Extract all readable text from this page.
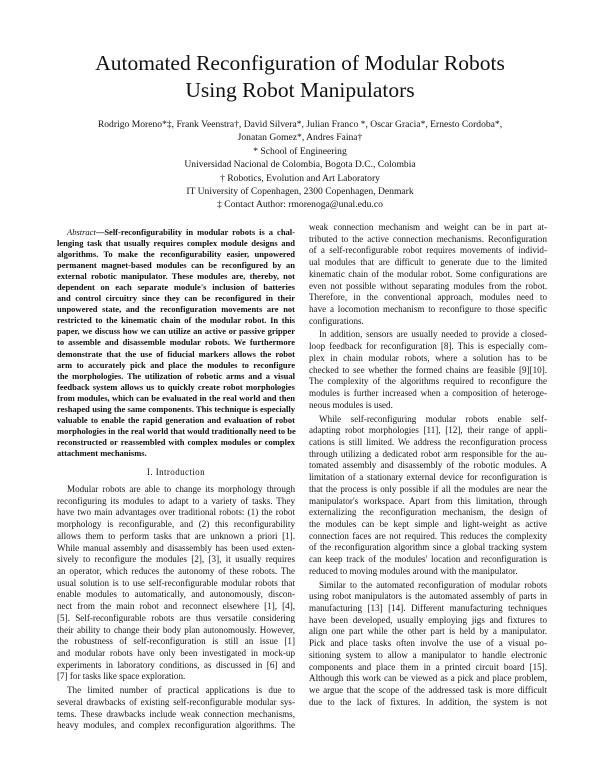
Automated Reconfiguration of Modular Robots
Using Robot Manipulators
Rodrigo Moreno*‡, Frank Veenstra†, David Silvera*, Julian Franco *, Oscar Gracia*, Ernesto Cordoba*,
Jonatan Gomez*, Andres Faina†
* School of Engineering
Universidad Nacional de Colombia, Bogota D.C., Colombia
† Robotics, Evolution and Art Laboratory
IT University of Copenhagen, 2300 Copenhagen, Denmark
‡ Contact Author: rmorenoga@unal.edu.co
Abstract—Self-reconfigurability in modular robots is a chal-
lenging task that usually requires complex module designs and
algorithms. To make the reconfigurability easier, unpowered
permanent magnet-based modules can be reconfigured by an
external robotic manipulator. These modules are, thereby, not
dependent on each separate module's inclusion of batteries
and control circuitry since they can be reconfigured in their
unpowered state, and the reconfiguration movements are not
restricted to the kinematic chain of the modular robot. In this
paper, we discuss how we can utilize an active or passive gripper
to assemble and disassemble modular robots. We furthermore
demonstrate that the use of fiducial markers allows the robot
arm to accurately pick and place the modules to reconfigure
the morphologies. The utilization of robotic arms and a visual
feedback system allows us to quickly create robot morphologies
from modules, which can be evaluated in the real world and then
reshaped using the same components. This technique is especially
valuable to enable the rapid generation and evaluation of robot
morphologies in the real world that would traditionally need to be
reconstructed or reassembled with complex modules or complex
attachment mechanisms.
I. Introduction
Modular robots are able to change its morphology through
reconfiguring its modules to adapt to a variety of tasks. They
have two main advantages over traditional robots: (1) the robot
morphology is reconfigurable, and (2) this reconfigurability
allows them to perform tasks that are unknown a priori [1].
While manual assembly and disassembly has been used exten-
sively to reconfigure the modules [2], [3], it usually requires
an operator, which reduces the autonomy of these robots. The
usual solution is to use self-reconfigurable modular robots that
enable modules to automatically, and autonomously, discon-
nect from the main robot and reconnect elsewhere [1], [4],
[5]. Self-reconfigurable robots are thus versatile considering
their ability to change their body plan autonomously. However,
the robustness of self-reconfiguration is still an issue [1]
and modular robots have only been investigated in mock-up
experiments in laboratory conditions, as discussed in [6] and
[7] for tasks like space exploration.
The limited number of practical applications is due to
several drawbacks of existing self-reconfigurable modular sys-
tems. These drawbacks include weak connection mechanisms,
heavy modules, and complex reconfiguration algorithms. The
weak connection mechanism and weight can be in part at-
tributed to the active connection mechanisms. Reconfiguration
of a self-reconfigurable robot requires movements of individ-
ual modules that are difficult to generate due to the limited
kinematic chain of the modular robot. Some configurations are
even not possible without separating modules from the robot.
Therefore, in the conventional approach, modules need to
have a locomotion mechanism to reconfigure to those specific
configurations.
In addition, sensors are usually needed to provide a closed-
loop feedback for reconfiguration [8]. This is especially com-
plex in chain modular robots, where a solution has to be
checked to see whether the formed chains are feasible [9][10].
The complexity of the algorithms required to reconfigure the
modules is further increased when a composition of heteroge-
neous modules is used.
While self-reconfiguring modular robots enable self-
adapting robot morphologies [11], [12], their range of appli-
cations is still limited. We address the reconfiguration process
through utilizing a dedicated robot arm responsible for the au-
tomated assembly and disassembly of the robotic modules. A
limitation of a stationary external device for reconfiguration is
that the process is only possible if all the modules are near the
manipulator's workspace. Apart from this limitation, through
externalizing the reconfiguration mechanism, the design of
the modules can be kept simple and light-weight as active
connection faces are not required. This reduces the complexity
of the reconfiguration algorithm since a global tracking system
can keep track of the modules' location and reconfiguration is
reduced to moving modules around with the manipulator.
Similar to the automated reconfiguration of modular robots
using robot manipulators is the automated assembly of parts in
manufacturing [13] [14]. Different manufacturing techniques
have been developed, usually employing jigs and fixtures to
align one part while the other part is held by a manipulator.
Pick and place tasks often involve the use of a visual po-
sitioning system to allow a manipulator to handle electronic
components and place them in a printed circuit board [15].
Although this work can be viewed as a pick and place problem,
we argue that the scope of the addressed task is more difficult
due to the lack of fixtures. In addition, the system is not
